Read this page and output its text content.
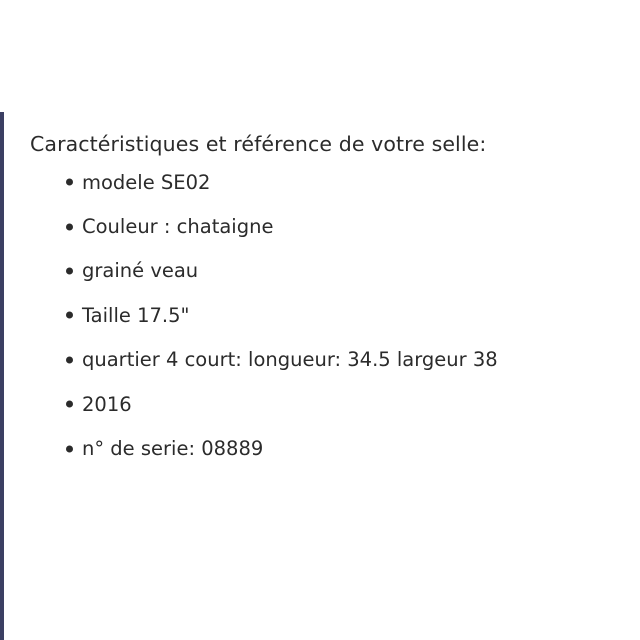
Caractéristiques et référence de votre selle:

modele SE02
Couleur : chataigne
grainé veau
Taille 17.5"
quartier 4 court: longueur: 34.5 largeur 38
2016
n° de serie: 08889
